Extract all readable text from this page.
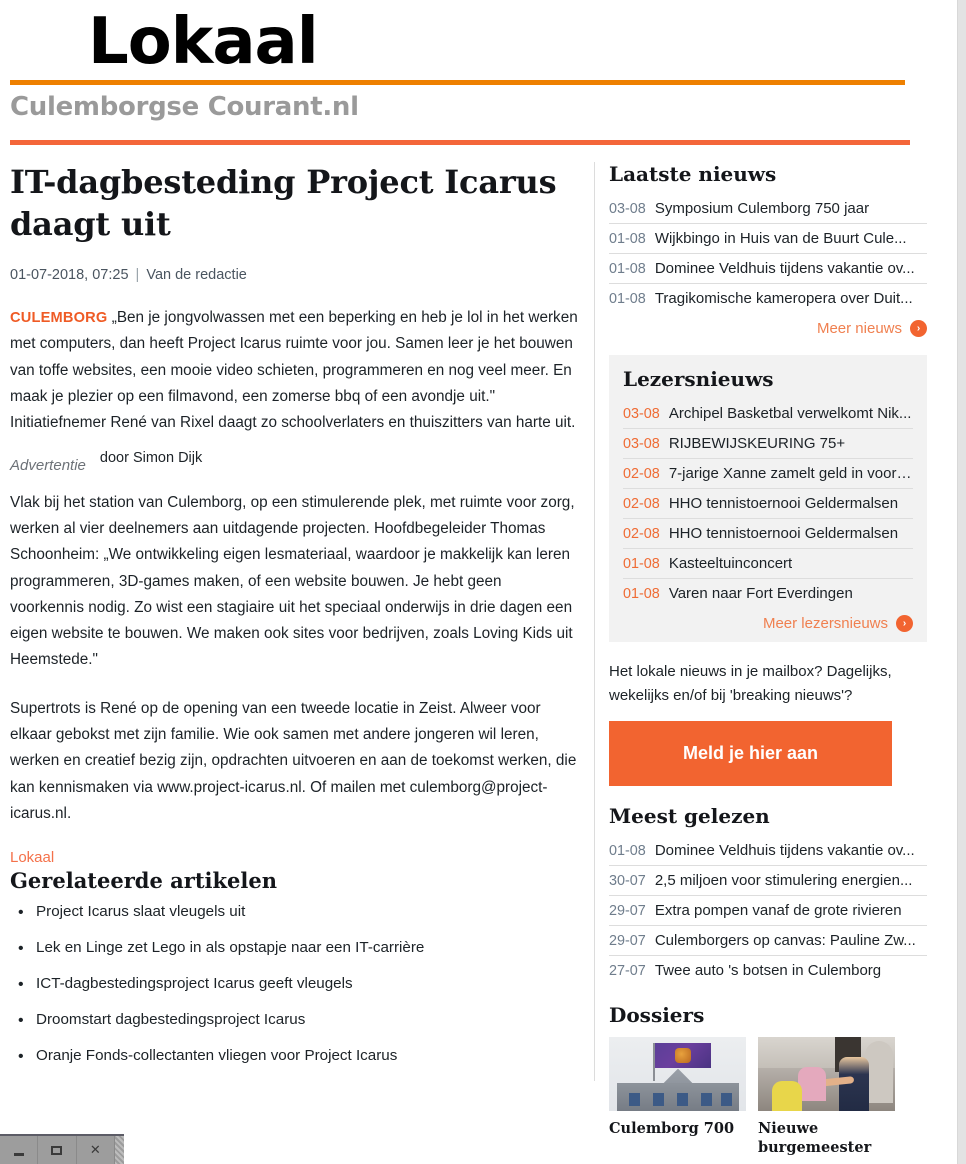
Lokaal
Culemborgse Courant.nl
IT-dagbesteding Project Icarus daagt uit
01-07-2018, 07:25 | Van de redactie

CULEMBORG „Ben je jongvolwassen met een beperking en heb je lol in het werken met computers, dan heeft Project Icarus ruimte voor jou. Samen leer je het bouwen van toffe websites, een mooie video schieten, programmeren en nog veel meer. En maak je plezier op een filmavond, een zomerse bbq of een avondje uit." Initiatiefnemer René van Rixel daagt zo schoolverlaters en thuiszitters van harte uit.

Advertentie door Simon Dijk

Vlak bij het station van Culemborg, op een stimulerende plek, met ruimte voor zorg, werken al vier deelnemers aan uitdagende projecten. Hoofdbegeleider Thomas Schoonheim: „We ontwikkeling eigen lesmateriaal, waardoor je makkelijk kan leren programmeren, 3D-games maken, of een website bouwen. Je hebt geen voorkennis nodig. Zo wist een stagiaire uit het speciaal onderwijs in drie dagen een eigen website te bouwen. We maken ook sites voor bedrijven, zoals Loving Kids uit Heemstede."

Supertrots is René op de opening van een tweede locatie in Zeist. Alweer voor elkaar gebokst met zijn familie. Wie ook samen met andere jongeren wil leren, werken en creatief bezig zijn, opdrachten uitvoeren en aan de toekomst werken, die kan kennismaken via www.project-icarus.nl. Of mailen met culemborg@project-icarus.nl.

Lokaal
Gerelateerde artikelen
• Project Icarus slaat vleugels uit
• Lek en Linge zet Lego in als opstapje naar een IT-carrière
• ICT-dagbestedingsproject Icarus geeft vleugels
• Droomstart dagbestedingsproject Icarus
• Oranje Fonds-collectanten vliegen voor Project Icarus
Laatste nieuws
03-08 Symposium Culemborg 750 jaar
01-08 Wijkbingo in Huis van de Buurt Cule...
01-08 Dominee Veldhuis tijdens vakantie ov...
01-08 Tragikomische kameropera over Duit...
Meer nieuws	›
Lezersnieuws
03-08 Archipel Basketbal verwelkomt Nik...
03-08 RIJBEWIJSKEURING 75+
02-08 7-jarige Xanne zamelt geld in voor ...
02-08 HHO tennistoernooi Geldermalsen
02-08 HHO tennistoernooi Geldermalsen
01-08 Kasteeltuinconcert
01-08 Varen naar Fort Everdingen
Meer lezersnieuws	›

Het lokale nieuws in je mailbox? Dagelijks, wekelijks en/of bij 'breaking nieuws'?

Meld je hier aan
Meest gelezen
01-08 Dominee Veldhuis tijdens vakantie ov...
30-07 2,5 miljoen voor stimulering energien...
29-07 Extra pompen vanaf de grote rivieren
29-07 Culemborgers op canvas: Pauline Zw...
27-07 Twee auto 's botsen in Culemborg
Dossiers
Culemborg 700	Nieuwe burgemeester
✕
